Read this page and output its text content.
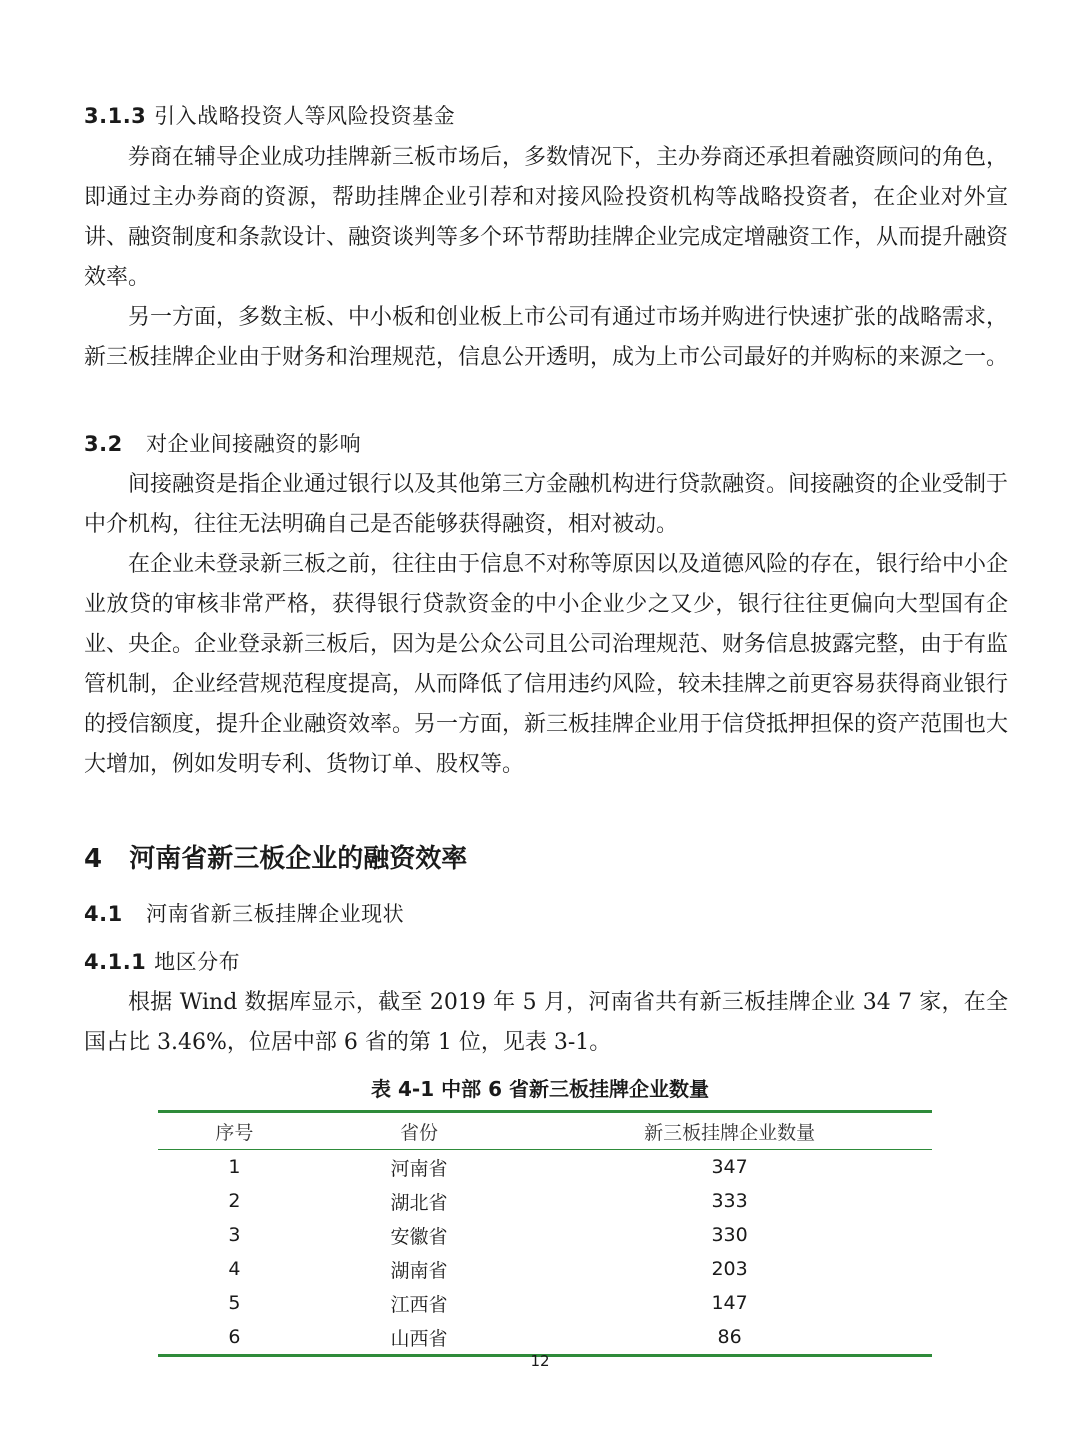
3.1.3 引入战略投资人等风险投资基金

券商在辅导企业成功挂牌新三板市场后，多数情况下，主办券商还承担着融资顾问的角色，即通过主办券商的资源，帮助挂牌企业引荐和对接风险投资机构等战略投资者，在企业对外宣讲、融资制度和条款设计、融资谈判等多个环节帮助挂牌企业完成定增融资工作，从而提升融资效率。

另一方面，多数主板、中小板和创业板上市公司有通过市场并购进行快速扩张的战略需求，新三板挂牌企业由于财务和治理规范，信息公开透明，成为上市公司最好的并购标的来源之一。

3.2 对企业间接融资的影响

间接融资是指企业通过银行以及其他第三方金融机构进行贷款融资。间接融资的企业受制于中介机构，往往无法明确自己是否能够获得融资，相对被动。

在企业未登录新三板之前，往往由于信息不对称等原因以及道德风险的存在，银行给中小企业放贷的审核非常严格，获得银行贷款资金的中小企业少之又少，银行往往更偏向大型国有企业、央企。企业登录新三板后，因为是公众公司且公司治理规范、财务信息披露完整，由于有监管机制，企业经营规范程度提高，从而降低了信用违约风险，较未挂牌之前更容易获得商业银行的授信额度，提升企业融资效率。另一方面，新三板挂牌企业用于信贷抵押担保的资产范围也大大增加，例如发明专利、货物订单、股权等。

4 河南省新三板企业的融资效率
4.1 河南省新三板挂牌企业现状
4.1.1 地区分布

根据 Wind 数据库显示，截至 2019 年 5 月，河南省共有新三板挂牌企业 34 7 家，在全国占比 3.46%，位居中部 6 省的第 1 位，见表 3-1。

表 4-1 中部 6 省新三板挂牌企业数量
序号	省份	新三板挂牌企业数量
1	河南省	347
2	湖北省	333
3	安徽省	330
4	湖南省	203
5	江西省	147
6	山西省	86
12
